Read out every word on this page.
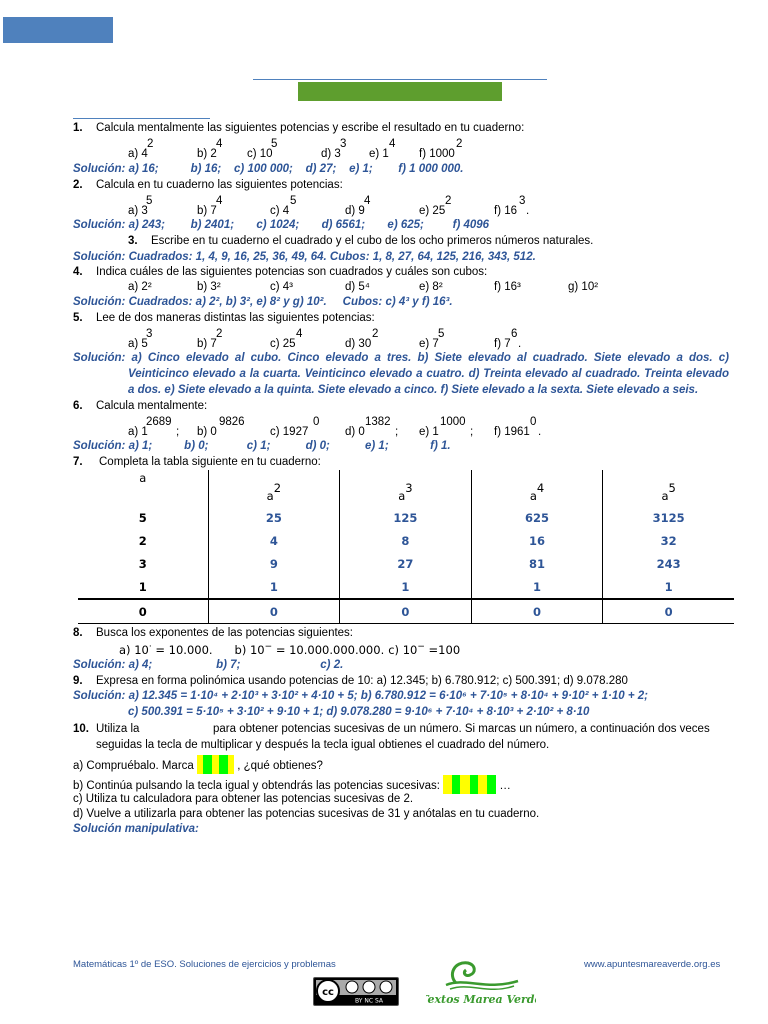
1. Calcula mentalmente las siguientes potencias y escribe el resultado en tu cuaderno:
a) 4
2
b) 2
4
c) 10
5
d) 3
3
e) 1
4
f) 1000
2
Solución: a) 16;          b) 16;    c) 100 000;    d) 27;    e) 1;        f) 1 000 000.
2. Calcula en tu cuaderno las siguientes potencias:
a) 3
5
b) 7
4
c) 4
5
d) 9
4
e) 25
2
f) 16
3
.
Solución: a) 243;        b) 2401;       c) 1024;       d) 6561;       e) 625;         f) 4096
3. Escribe en tu cuaderno el cuadrado y el cubo de los ocho primeros números naturales.
Solución: Cuadrados: 1, 4, 9, 16, 25, 36, 49, 64. Cubos: 1, 8, 27, 64, 125, 216, 343, 512.
4. Indica cuáles de las siguientes potencias son cuadrados y cuáles son cubos:
a) 2²	b) 3²	c) 4³	d) 5⁴	e) 8²	f) 16³	g) 10²
Solución: Cuadrados: a) 2², b) 3², e) 8² y g) 10².     Cubos: c) 4³ y f) 16³.
5. Lee de dos maneras distintas las siguientes potencias:
a) 5
3
b) 7
2
c) 25
4
d) 30
2
e) 7
5
f) 7
6
.
Solución: a) Cinco elevado al cubo. Cinco elevado a tres. b) Siete elevado al cuadrado. Siete elevado a dos. c)
Veinticinco elevado a la cuarta. Veinticinco elevado a cuatro. d) Treinta elevado al cuadrado. Treinta elevado
a dos. e) Siete elevado a la quinta. Siete elevado a cinco. f) Siete elevado a la sexta. Siete elevado a seis.
6. Calcula mentalmente:
a) 1
2689
; b) 0
9826
c) 1927
0
d) 0
1382
; e) 1
1000
; f) 1961
0
.
Solución: a) 1;          b) 0;            c) 1;           d) 0;           e) 1;             f) 1.
7. Completa la tabla siguiente en tu cuaderno:
a	a2	a3	a4	a5
5	25	125	625	3125
2	4	8	16	32
3	9	27	81	243
1	1	1	1	1
0	0	0	0	0
8. Busca los exponentes de las potencias siguientes:
a) 10· = 10.000. b) 10− = 10.000.000.000. c) 10− =100
Solución: a) 4;                    b) 7;                         c) 2.
9. Expresa en forma polinómica usando potencias de 10: a) 12.345; b) 6.780.912; c) 500.391; d) 9.078.280
Solución: a) 12.345 = 1·10⁴ + 2·10³ + 3·10² + 4·10 + 5; b) 6.780.912 = 6·10⁶ + 7·10⁵ + 8·10⁴ + 9·10² + 1·10 + 2;
c) 500.391 = 5·10⁵ + 3·10² + 9·10 + 1; d) 9.078.280 = 9·10⁶ + 7·10⁴ + 8·10³ + 2·10² + 8·10
10. Utiliza la	para obtener potencias sucesivas de un número. Si marcas un número, a continuación dos veces
seguidas la tecla de multiplicar y después la tecla igual obtienes el cuadrado del número.
a) Compruébalo. Marca	, ¿qué obtienes?
b) Continúa pulsando la tecla igual y obtendrás las potencias sucesivas:	…
c) Utiliza tu calculadora para obtener las potencias sucesivas de 2.
d) Vuelve a utilizarla para obtener las potencias sucesivas de 31 y anótalas en tu cuaderno.
Solución manipulativa:
Matemáticas 1º de ESO. Soluciones de ejercicios y problemas	www.apuntesmareaverde.org.es
cc
BY NC SA	Textos Marea Verde
